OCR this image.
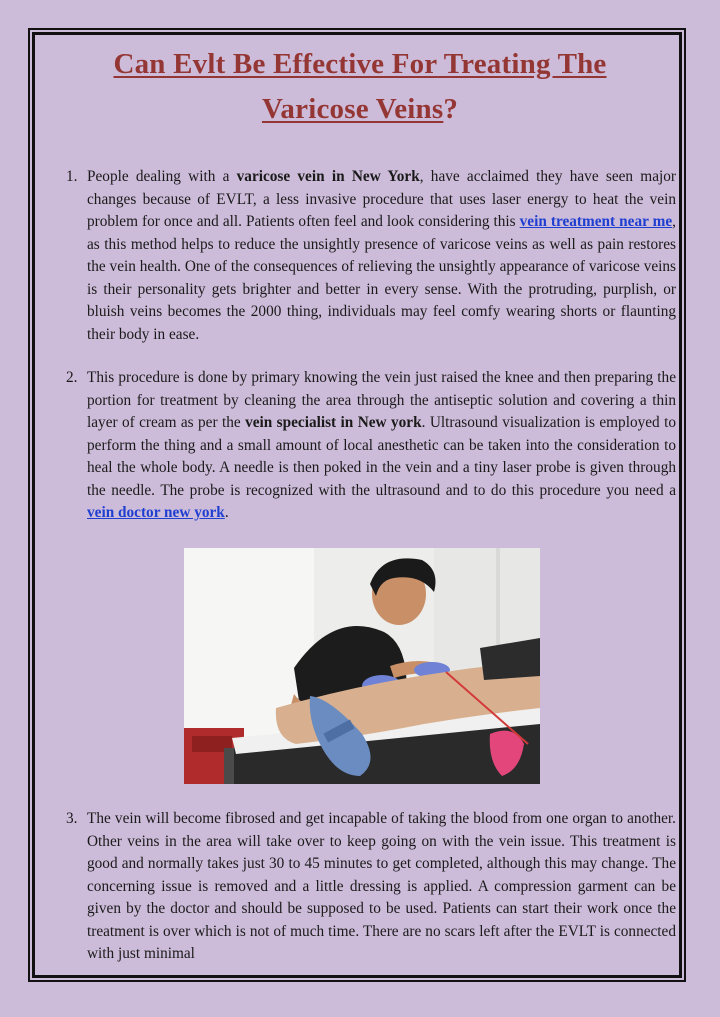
Can Evlt Be Effective For Treating The
Varicose Veins?
1. People dealing with a varicose vein in New York, have acclaimed they have seen major changes because of EVLT, a less invasive procedure that uses laser energy to heat the vein problem for once and all. Patients often feel and look considering this vein treatment near me, as this method helps to reduce the unsightly presence of varicose veins as well as pain restores the vein health. One of the consequences of relieving the unsightly appearance of varicose veins is their personality gets brighter and better in every sense. With the protruding, purplish, or bluish veins becomes the 2000 thing, individuals may feel comfy wearing shorts or flaunting their body in ease.
2. This procedure is done by primary knowing the vein just raised the knee and then preparing the portion for treatment by cleaning the area through the antiseptic solution and covering a thin layer of cream as per the vein specialist in New york. Ultrasound visualization is employed to perform the thing and a small amount of local anesthetic can be taken into the consideration to heal the whole body. A needle is then poked in the vein and a tiny laser probe is given through the needle. The probe is recognized with the ultrasound and to do this procedure you need a vein doctor new york.
3. The vein will become fibrosed and get incapable of taking the blood from one organ to another. Other veins in the area will take over to keep going on with the vein issue. This treatment is good and normally takes just 30 to 45 minutes to get completed, although this may change. The concerning issue is removed and a little dressing is applied. A compression garment can be given by the doctor and should be supposed to be used. Patients can start their work once the treatment is over which is not of much time. There are no scars left after the EVLT is connected with just minimal
